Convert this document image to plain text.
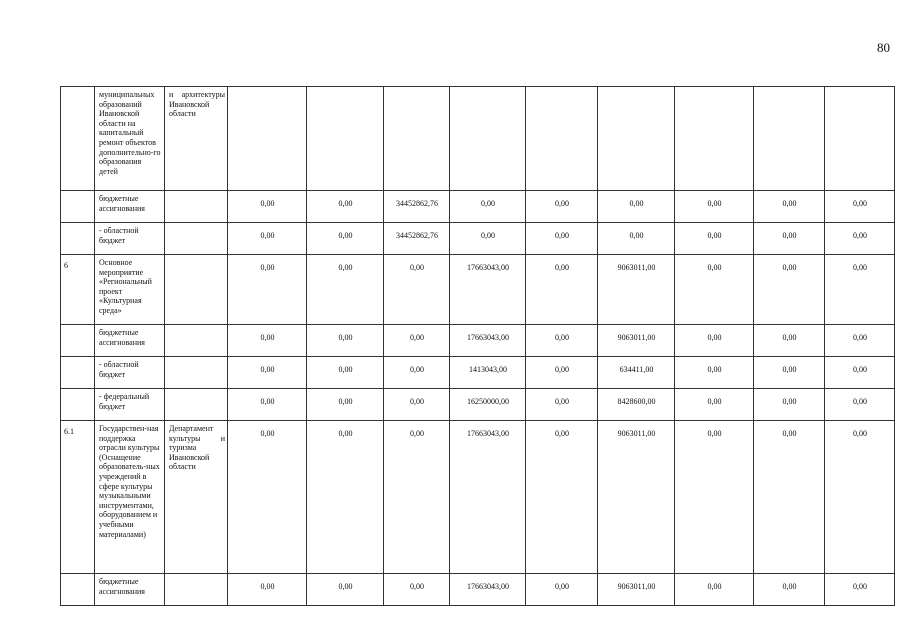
80
	муниципальных образований Ивановской области на капитальный ремонт объектов дополнительно-го образования детей	и архитектуры Ивановской области									
	бюджетные ассигнования		0,00	0,00	34452862,76	0,00	0,00	0,00	0,00	0,00	0,00
	- областной бюджет		0,00	0,00	34452862,76	0,00	0,00	0,00	0,00	0,00	0,00
6	Основное мероприятие «Региональный проект «Культурная среда»		0,00	0,00	0,00	17663043,00	0,00	9063011,00	0,00	0,00	0,00
	бюджетные ассигнования		0,00	0,00	0,00	17663043,00	0,00	9063011,00	0,00	0,00	0,00
	- областной бюджет		0,00	0,00	0,00	1413043,00	0,00	634411,00	0,00	0,00	0,00
	- федеральный бюджет		0,00	0,00	0,00	16250000,00	0,00	8428600,00	0,00	0,00	0,00
6.1	Государствен-ная поддержка отрасли культуры (Оснащение образователь-ных учреждений в сфере культуры музыкальными инструментами, оборудованием и учебными материалами)	Департамент культуры и туризма Ивановской области	0,00	0,00	0,00	17663043,00	0,00	9063011,00	0,00	0,00	0,00
	бюджетные ассигнования		0,00	0,00	0,00	17663043,00	0,00	9063011,00	0,00	0,00	0,00
